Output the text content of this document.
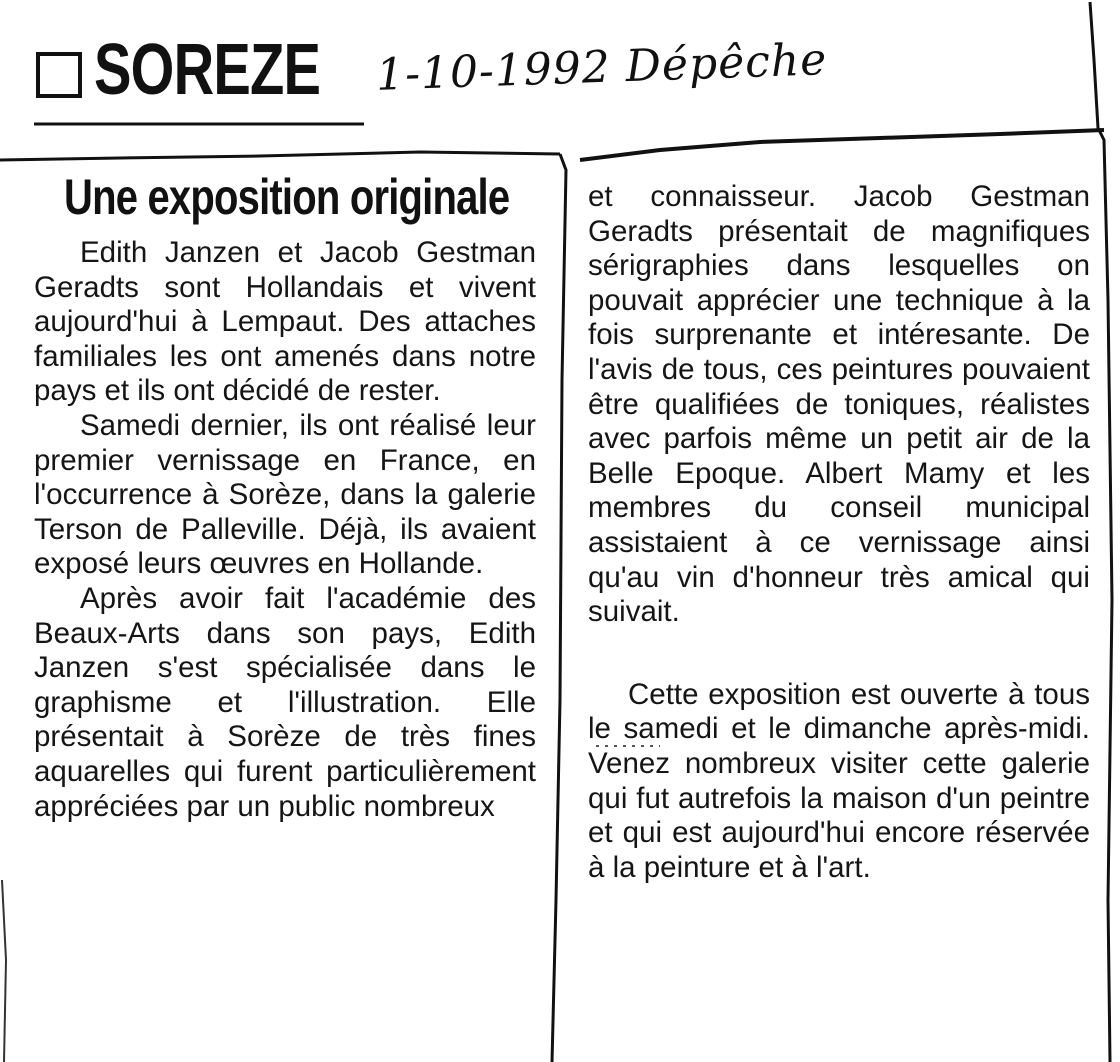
SOREZE 1-10-1992 Dépêche
Une exposition originale

Edith Janzen et Jacob Gestman Geradts sont Hollandais et vivent aujourd'hui à Lempaut. Des attaches familiales les ont amenés dans notre pays et ils ont décidé de rester.

Samedi dernier, ils ont réalisé leur premier vernissage en France, en l'occurrence à Sorèze, dans la galerie Terson de Palleville. Déjà, ils avaient exposé leurs œuvres en Hollande.

Après avoir fait l'académie des Beaux-Arts dans son pays, Edith Janzen s'est spécialisée dans le graphisme et l'illustration. Elle présentait à Sorèze de très fines aquarelles qui furent particulièrement appréciées par un public nombreux

et connaisseur. Jacob Gestman Geradts présentait de magnifiques sérigraphies dans lesquelles on pouvait apprécier une technique à la fois surprenante et intéresante. De l'avis de tous, ces peintures pouvaient être qualifiées de toniques, réalistes avec parfois même un petit air de la Belle Epoque. Albert Mamy et les membres du conseil municipal assistaient à ce vernissage ainsi qu'au vin d'honneur très amical qui suivait.

Cette exposition est ouverte à tous le samedi et le dimanche après-midi. Venez nombreux visiter cette galerie qui fut autrefois la maison d'un peintre et qui est aujourd'hui encore réservée à la peinture et à l'art.
